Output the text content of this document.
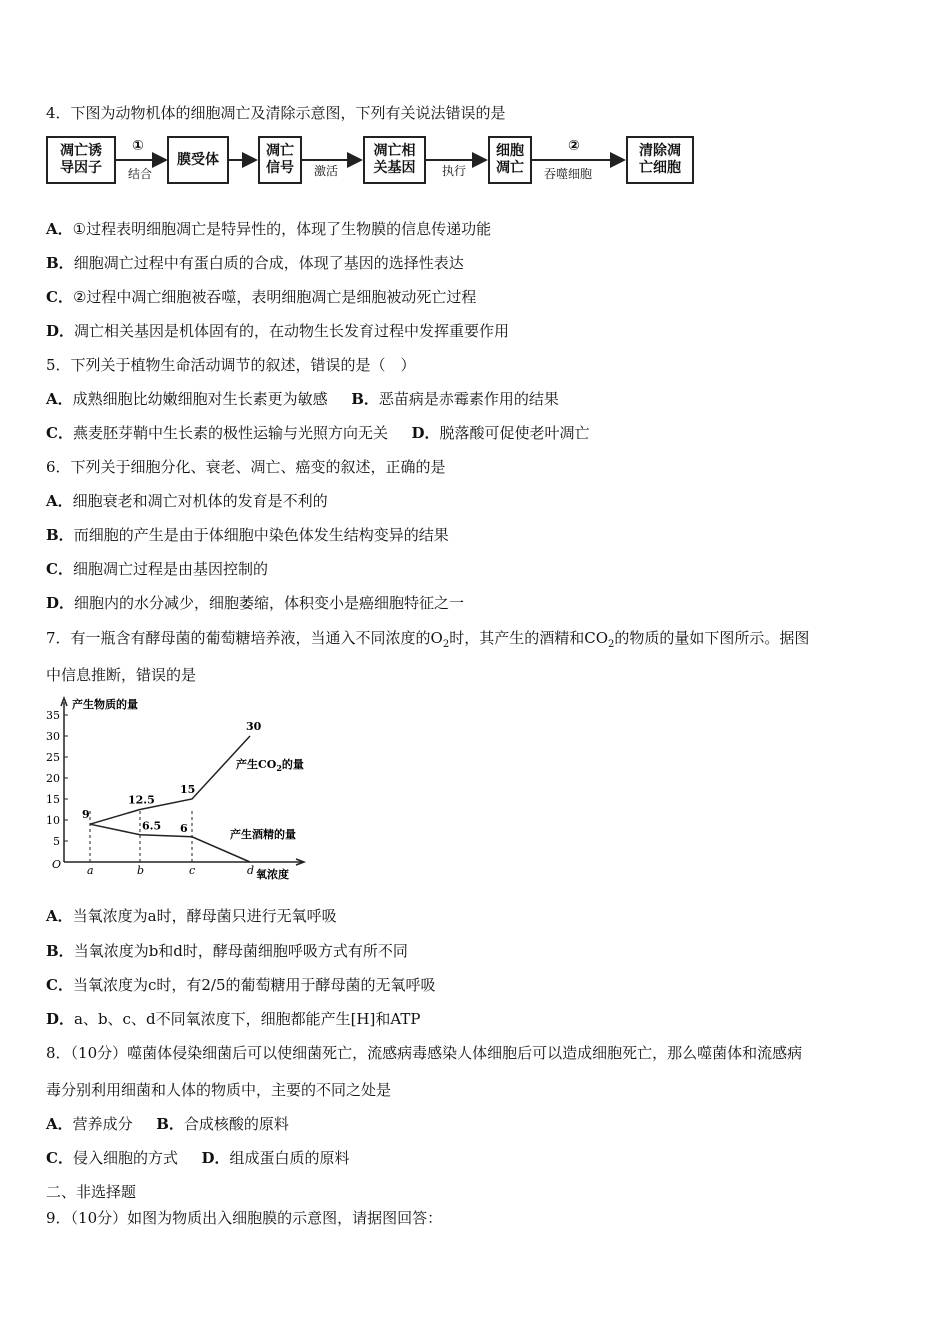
4．下图为动物机体的细胞凋亡及清除示意图，下列有关说法错误的是
凋亡诱
导因子
①
结合
膜受体
凋亡
信号 激活
凋亡相
关基因 执行
细胞
凋亡
②
吞噬细胞
清除凋
亡细胞
A．①过程表明细胞凋亡是特异性的，体现了生物膜的信息传递功能
B．细胞凋亡过程中有蛋白质的合成，体现了基因的选择性表达
C．②过程中凋亡细胞被吞噬，表明细胞凋亡是细胞被动死亡过程
D．凋亡相关基因是机体固有的，在动物生长发育过程中发挥重要作用
5．下列关于植物生命活动调节的叙述，错误的是（　）
A．成熟细胞比幼嫩细胞对生长素更为敏感 B．恶苗病是赤霉素作用的结果
C．燕麦胚芽鞘中生长素的极性运输与光照方向无关 D．脱落酸可促使老叶凋亡
6．下列关于细胞分化、衰老、凋亡、癌变的叙述，正确的是
A．细胞衰老和凋亡对机体的发育是不利的
B．而细胞的产生是由于体细胞中染色体发生结构变异的结果
C．细胞凋亡过程是由基因控制的
D．细胞内的水分减少，细胞萎缩，体积变小是癌细胞特征之一
7．有一瓶含有酵母菌的葡萄糖培养液，当通入不同浓度的$O_2$时，其产生的酒精和$CO_2$的物质的量如下图所示。据图
中信息推断，错误的是
产生物质的量
5
10
15
20
25
30
35
O a	b	c	d 氧浓度
9
12.5
15
30
6.5 6
产生$CO_2$的量
产生酒精的量
A．当氧浓度为a时，酵母菌只进行无氧呼吸
B．当氧浓度为b和d时，酵母菌细胞呼吸方式有所不同
C．当氧浓度为c时，有2/5的葡萄糖用于酵母菌的无氧呼吸
D．a、b、c、d不同氧浓度下，细胞都能产生[H]和ATP
8．（10分）噬菌体侵染细菌后可以使细菌死亡，流感病毒感染人体细胞后可以造成细胞死亡，那么噬菌体和流感病
毒分别利用细菌和人体的物质中，主要的不同之处是
A．营养成分 B．合成核酸的原料
C．侵入细胞的方式 D．组成蛋白质的原料
二、非选择题
9．（10分）如图为物质出入细胞膜的示意图，请据图回答：
